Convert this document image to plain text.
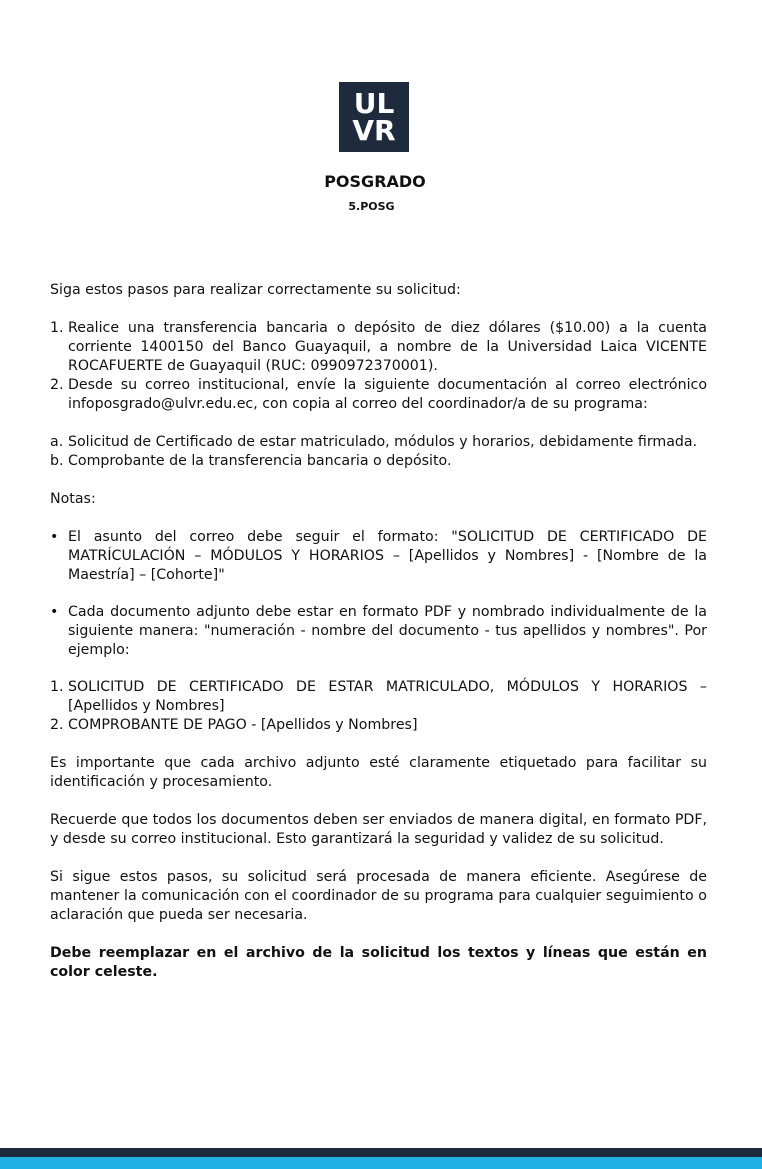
UL
VR
POSGRADO
5.POSG

Siga estos pasos para realizar correctamente su solicitud:

1. Realice una transferencia bancaria o depósito de diez dólares ($10.00) a la cuenta corriente 1400150 del Banco Guayaquil, a nombre de la Universidad Laica VICENTE ROCAFUERTE de Guayaquil (RUC: 0990972370001).
2. Desde su correo institucional, envíe la siguiente documentación al correo electrónico infoposgrado@ulvr.edu.ec, con copia al correo del coordinador/a de su programa:
a. Solicitud de Certificado de estar matriculado, módulos y horarios, debidamente firmada.
b. Comprobante de la transferencia bancaria o depósito.

Notas:

• El asunto del correo debe seguir el formato: "SOLICITUD DE CERTIFICADO DE MATRÍCULACIÓN – MÓDULOS Y HORARIOS – [Apellidos y Nombres] - [Nombre de la Maestría] – [Cohorte]"
• Cada documento adjunto debe estar en formato PDF y nombrado individualmente de la siguiente manera: "numeración - nombre del documento - tus apellidos y nombres". Por ejemplo:
1. SOLICITUD DE CERTIFICADO DE ESTAR MATRICULADO, MÓDULOS Y HORARIOS – [Apellidos y Nombres]
2. COMPROBANTE DE PAGO - [Apellidos y Nombres]

Es importante que cada archivo adjunto esté claramente etiquetado para facilitar su identificación y procesamiento.

Recuerde que todos los documentos deben ser enviados de manera digital, en formato PDF, y desde su correo institucional. Esto garantizará la seguridad y validez de su solicitud.

Si sigue estos pasos, su solicitud será procesada de manera eficiente. Asegúrese de mantener la comunicación con el coordinador de su programa para cualquier seguimiento o aclaración que pueda ser necesaria.

Debe reemplazar en el archivo de la solicitud los textos y líneas que están en color celeste.
